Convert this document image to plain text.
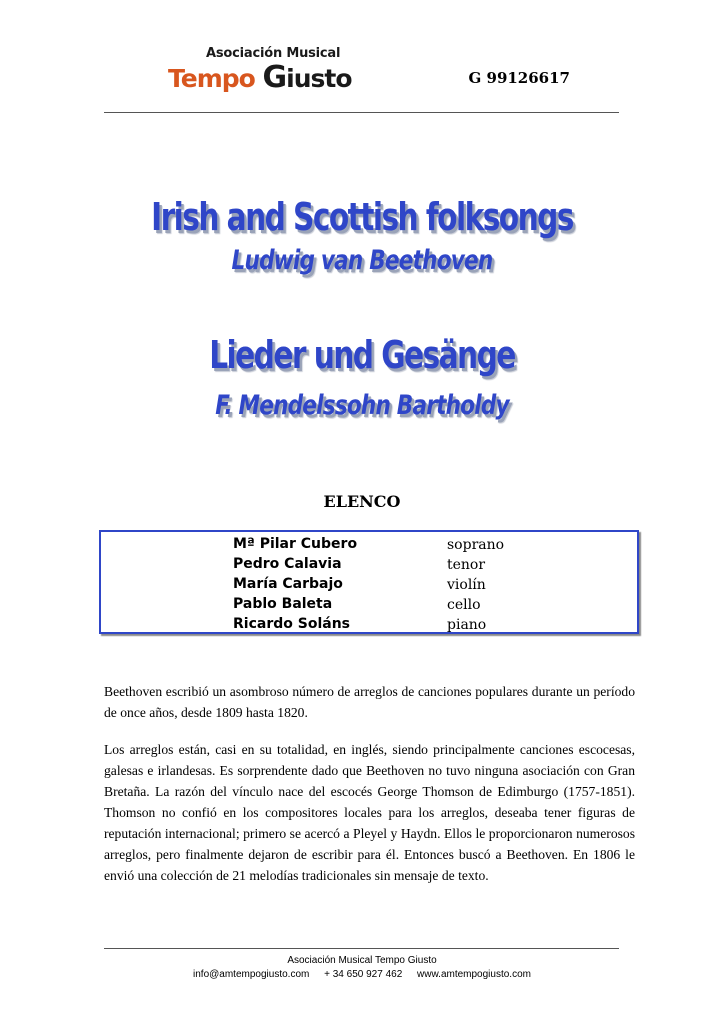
Asociación Musical
Tempo Giusto	G 99126617
Irish and Scottish folksongs
Ludwig van Beethoven
Lieder und Gesänge
F. Mendelssohn Bartholdy
ELENCO
Mª Pilar Cubero	soprano
Pedro Calavia	tenor
María Carbajo	violín
Pablo Baleta	cello
Ricardo Soláns	piano
Beethoven escribió un asombroso número de arreglos de canciones populares durante un período de once años, desde 1809 hasta 1820.
Los arreglos están, casi en su totalidad, en inglés, siendo principalmente canciones escocesas, galesas e irlandesas. Es sorprendente dado que Beethoven no tuvo ninguna asociación con Gran Bretaña. La razón del vínculo nace del escocés George Thomson de Edimburgo (1757-1851). Thomson no confió en los compositores locales para los arreglos, deseaba tener figuras de reputación internacional; primero se acercó a Pleyel y Haydn. Ellos le proporcionaron numerosos arreglos, pero finalmente dejaron de escribir para él. Entonces buscó a Beethoven. En 1806 le envió una colección de 21 melodías tradicionales sin mensaje de texto.
Asociación Musical Tempo Giusto
info@amtempogiusto.com + 34 650 927 462 www.amtempogiusto.com
